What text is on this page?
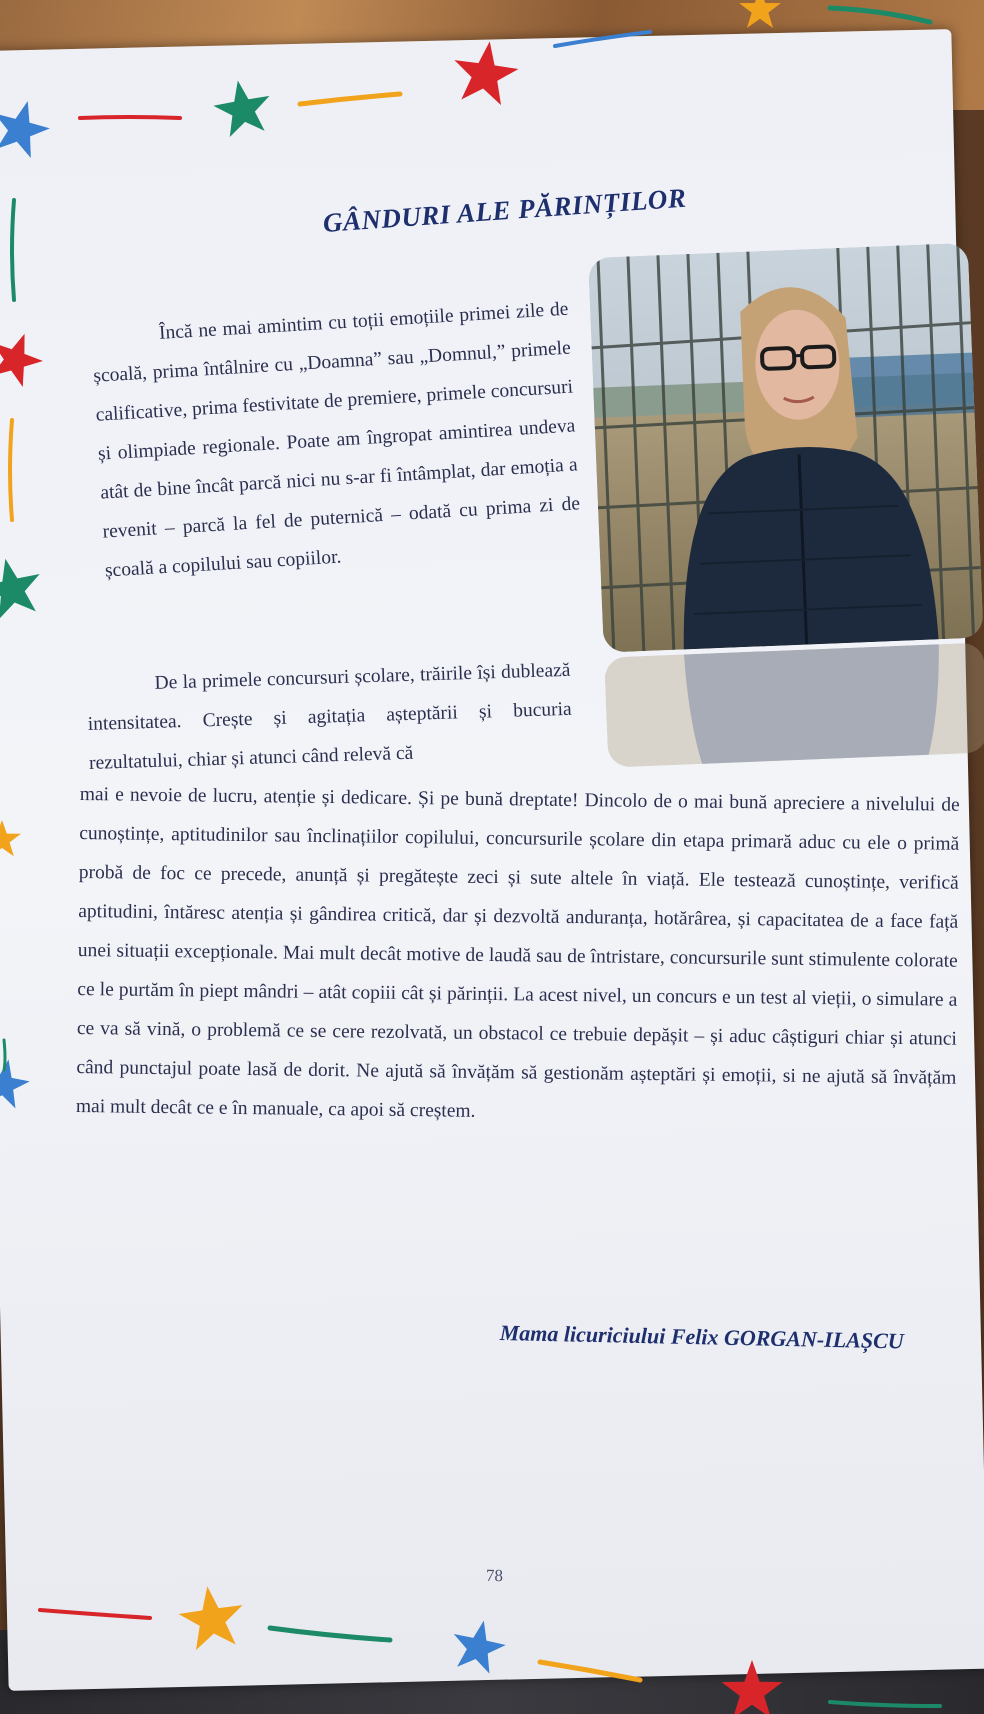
GÂNDURI ALE PĂRINȚILOR

Încă ne mai amintim cu toții emoțiile primei zile de școală, prima întâlnire cu „Doamna” sau „Domnul,” primele calificative, prima festivitate de premiere, primele concursuri și olimpiade regionale. Poate am îngropat amintirea undeva atât de bine încât parcă nici nu s-ar fi întâmplat, dar emoția a revenit – parcă la fel de puternică – odată cu prima zi de școală a copilului sau copiilor.

De la primele concursuri școlare, trăirile își dublează intensitatea. Crește și agitația așteptării și bucuria rezultatului, chiar și atunci când relevă că

mai e nevoie de lucru, atenție și dedicare. Și pe bună dreptate! Dincolo de o mai bună apreciere a nivelului de cunoștințe, aptitudinilor sau înclinațiilor copilului, concursurile școlare din etapa primară aduc cu ele o primă probă de foc ce precede, anunță și pregătește zeci și sute altele în viață. Ele testează cunoștințe, verifică aptitudini, întăresc atenția și gândirea critică, dar și dezvoltă anduranța, hotărârea, și capacitatea de a face față unei situații excepționale. Mai mult decât motive de laudă sau de întristare, concursurile sunt stimulente colorate ce le purtăm în piept mândri – atât copiii cât și părinții. La acest nivel, un concurs e un test al vieții, o simulare a ce va să vină, o problemă ce se cere rezolvată, un obstacol ce trebuie depășit – și aduc câștiguri chiar și atunci când punctajul poate lasă de dorit. Ne ajută să învățăm să gestionăm așteptări și emoții, si ne ajută să învățăm mai mult decât ce e în manuale, ca apoi să creștem.

Mama licuriciului Felix GORGAN-ILAȘCU
78
